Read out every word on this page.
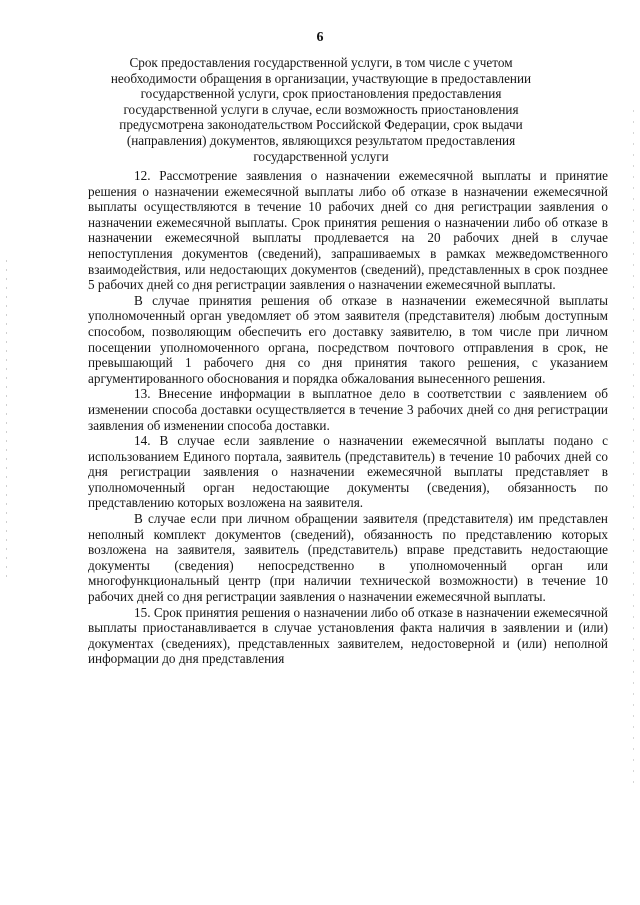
6
Срок предоставления государственной услуги, в том числе с учетом
необходимости обращения в организации, участвующие в предоставлении
государственной услуги, срок приостановления предоставления
государственной услуги в случае, если возможность приостановления
предусмотрена законодательством Российской Федерации, срок выдачи
(направления) документов, являющихся результатом предоставления
государственной услуги

12. Рассмотрение заявления о назначении ежемесячной выплаты и принятие решения о назначении ежемесячной выплаты либо об отказе в назначении ежемесячной выплаты осуществляются в течение 10 рабочих дней со дня регистрации заявления о назначении ежемесячной выплаты. Срок принятия решения о назначении либо об отказе в назначении ежемесячной выплаты продлевается на 20 рабочих дней в случае непоступления документов (сведений), запрашиваемых в рамках межведомственного взаимодействия, или недостающих документов (сведений), представленных в срок позднее 5 рабочих дней со дня регистрации заявления о назначении ежемесячной выплаты.

В случае принятия решения об отказе в назначении ежемесячной выплаты уполномоченный орган уведомляет об этом заявителя (представителя) любым доступным способом, позволяющим обеспечить его доставку заявителю, в том числе при личном посещении уполномоченного органа, посредством почтового отправления в срок, не превышающий 1 рабочего дня со дня принятия такого решения, с указанием аргументированного обоснования и порядка обжалования вынесенного решения.

13. Внесение информации в выплатное дело в соответствии с заявлением об изменении способа доставки осуществляется в течение 3 рабочих дней со дня регистрации заявления об изменении способа доставки.

14. В случае если заявление о назначении ежемесячной выплаты подано с использованием Единого портала, заявитель (представитель) в течение 10 рабочих дней со дня регистрации заявления о назначении ежемесячной выплаты представляет в уполномоченный орган недостающие документы (сведения), обязанность по представлению которых возложена на заявителя.

В случае если при личном обращении заявителя (представителя) им представлен неполный комплект документов (сведений), обязанность по представлению которых возложена на заявителя, заявитель (представитель) вправе представить недостающие документы (сведения) непосредственно в уполномоченный орган или многофункциональный центр (при наличии технической возможности) в течение 10 рабочих дней со дня регистрации заявления о назначении ежемесячной выплаты.

15. Срок принятия решения о назначении либо об отказе в назначении ежемесячной выплаты приостанавливается в случае установления факта наличия в заявлении и (или) документах (сведениях), представленных заявителем, недостоверной и (или) неполной информации до дня представления
